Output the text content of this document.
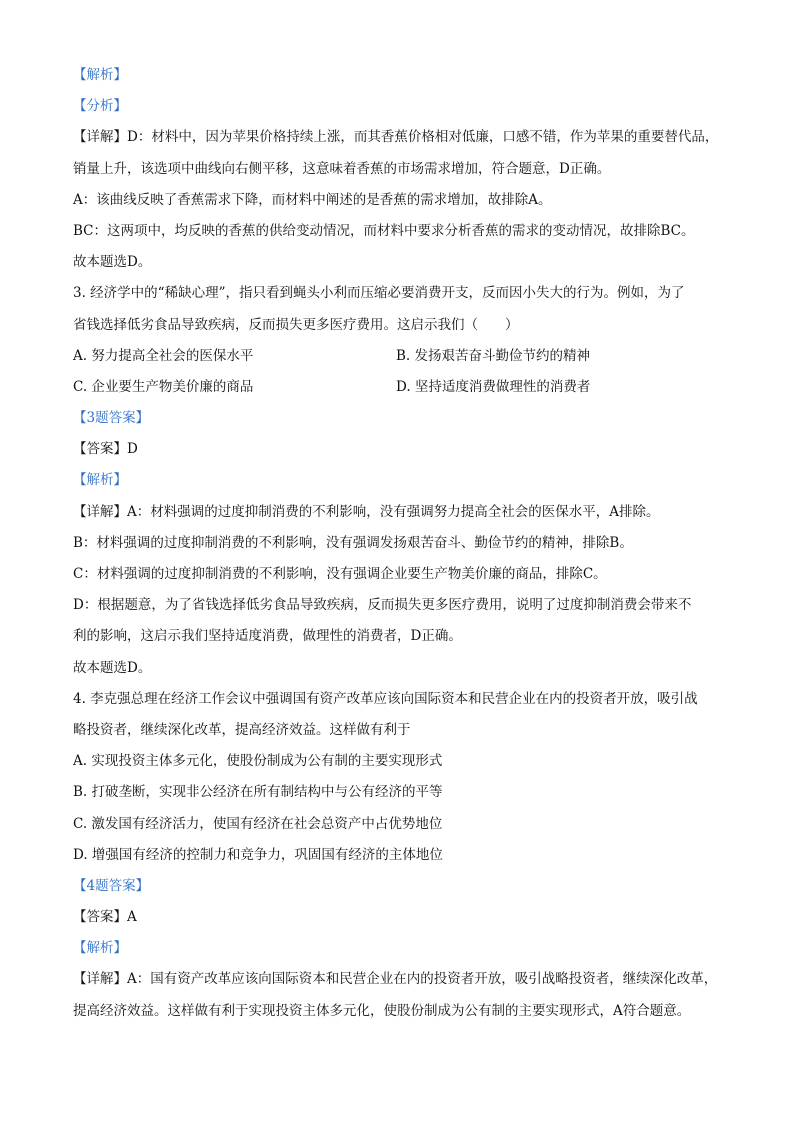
【解析】
【分析】
【详解】D：材料中，因为苹果价格持续上涨，而其香蕉价格相对低廉，口感不错，作为苹果的重要替代品，
销量上升，该选项中曲线向右侧平移，这意味着香蕉的市场需求增加，符合题意，D正确。
A：该曲线反映了香蕉需求下降，而材料中阐述的是香蕉的需求增加，故排除A。
BC：这两项中，均反映的香蕉的供给变动情况，而材料中要求分析香蕉的需求的变动情况，故排除BC。
故本题选D。
3. 经济学中的“稀缺心理”，指只看到蝇头小利而压缩必要消费开支，反而因小失大的行为。例如，为了
省钱选择低劣食品导致疾病，反而损失更多医疗费用。这启示我们（　　）
A. 努力提高全社会的医保水平	B. 发扬艰苦奋斗勤俭节约的精神
C. 企业要生产物美价廉的商品	D. 坚持适度消费做理性的消费者
【3题答案】
【答案】D
【解析】
【详解】A：材料强调的过度抑制消费的不利影响，没有强调努力提高全社会的医保水平，A排除。
B：材料强调的过度抑制消费的不利影响，没有强调发扬艰苦奋斗、勤俭节约的精神，排除B。
C：材料强调的过度抑制消费的不利影响，没有强调企业要生产物美价廉的商品，排除C。
D：根据题意，为了省钱选择低劣食品导致疾病，反而损失更多医疗费用，说明了过度抑制消费会带来不
利的影响，这启示我们坚持适度消费，做理性的消费者，D正确。
故本题选D。
4. 李克强总理在经济工作会议中强调国有资产改革应该向国际资本和民营企业在内的投资者开放，吸引战
略投资者，继续深化改革，提高经济效益。这样做有利于
A. 实现投资主体多元化，使股份制成为公有制的主要实现形式
B. 打破垄断，实现非公经济在所有制结构中与公有经济的平等
C. 激发国有经济活力，使国有经济在社会总资产中占优势地位
D. 增强国有经济的控制力和竞争力，巩固国有经济的主体地位
【4题答案】
【答案】A
【解析】
【详解】A：国有资产改革应该向国际资本和民营企业在内的投资者开放，吸引战略投资者，继续深化改革，
提高经济效益。这样做有利于实现投资主体多元化，使股份制成为公有制的主要实现形式，A符合题意。
